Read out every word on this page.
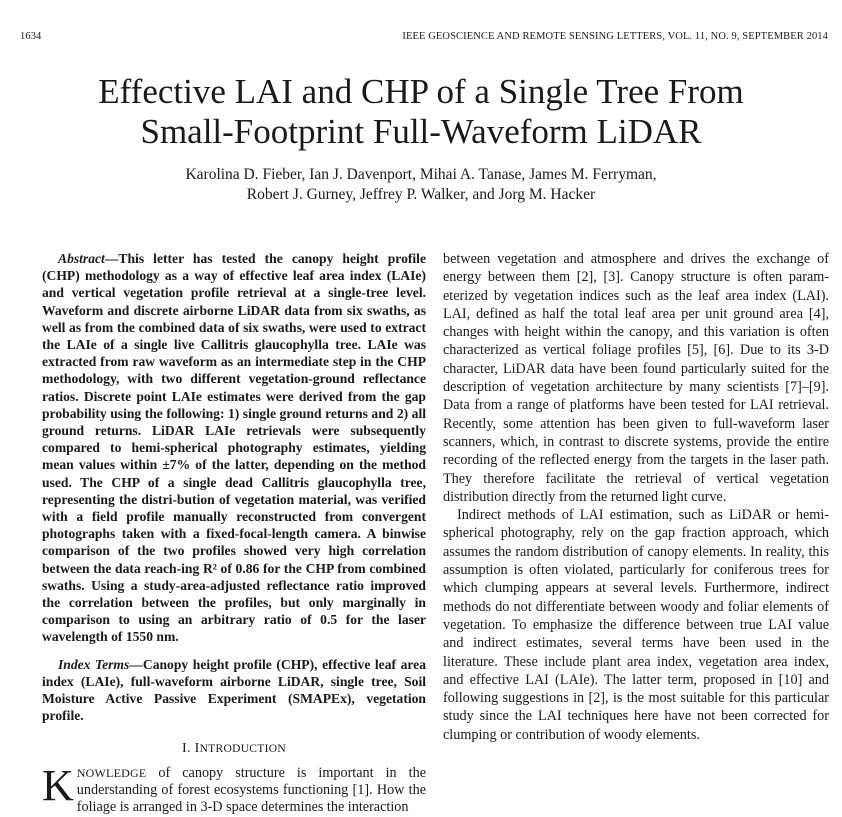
1634	IEEE GEOSCIENCE AND REMOTE SENSING LETTERS, VOL. 11, NO. 9, SEPTEMBER 2014
Effective LAI and CHP of a Single Tree From
Small-Footprint Full-Waveform LiDAR
Karolina D. Fieber, Ian J. Davenport, Mihai A. Tanase, James M. Ferryman,
Robert J. Gurney, Jeffrey P. Walker, and Jorg M. Hacker
Abstract—This letter has tested the canopy height profile (CHP) methodology as a way of effective leaf area index (LAIe) and vertical vegetation profile retrieval at a single-tree level. Waveform and discrete airborne LiDAR data from six swaths, as well as from the combined data of six swaths, were used to extract the LAIe of a single live Callitris glaucophylla tree. LAIe was extracted from raw waveform as an intermediate step in the CHP methodology, with two different vegetation-ground reflectance ratios. Discrete point LAIe estimates were derived from the gap probability using the following: 1) single ground returns and 2) all ground returns. LiDAR LAIe retrievals were subsequently compared to hemi-spherical photography estimates, yielding mean values within ±7% of the latter, depending on the method used. The CHP of a single dead Callitris glaucophylla tree, representing the distri-bution of vegetation material, was verified with a field profile manually reconstructed from convergent photographs taken with a fixed-focal-length camera. A binwise comparison of the two profiles showed very high correlation between the data reach-ing R² of 0.86 for the CHP from combined swaths. Using a study-area-adjusted reflectance ratio improved the correlation between the profiles, but only marginally in comparison to using an arbitrary ratio of 0.5 for the laser wavelength of 1550 nm.
Index Terms—Canopy height profile (CHP), effective leaf area index (LAIe), full-waveform airborne LiDAR, single tree, Soil Moisture Active Passive Experiment (SMAPEx), vegetation profile.
I. INTRODUCTION
KNOWLEDGE of canopy structure is important in the understanding of forest ecosystems functioning [1]. How the foliage is arranged in 3-D space determines the interaction

between vegetation and atmosphere and drives the exchange of energy between them [2], [3]. Canopy structure is often param-eterized by vegetation indices such as the leaf area index (LAI). LAI, defined as half the total leaf area per unit ground area [4], changes with height within the canopy, and this variation is often characterized as vertical foliage profiles [5], [6]. Due to its 3-D character, LiDAR data have been found particularly suited for the description of vegetation architecture by many scientists [7]–[9]. Data from a range of platforms have been tested for LAI retrieval. Recently, some attention has been given to full-waveform laser scanners, which, in contrast to discrete systems, provide the entire recording of the reflected energy from the targets in the laser path. They therefore facilitate the retrieval of vertical vegetation distribution directly from the returned light curve.

Indirect methods of LAI estimation, such as LiDAR or hemi-spherical photography, rely on the gap fraction approach, which assumes the random distribution of canopy elements. In reality, this assumption is often violated, particularly for coniferous trees for which clumping appears at several levels. Furthermore, indirect methods do not differentiate between woody and foliar elements of vegetation. To emphasize the difference between true LAI value and indirect estimates, several terms have been used in the literature. These include plant area index, vegetation area index, and effective LAI (LAIe). The latter term, proposed in [10] and following suggestions in [2], is the most suitable for this particular study since the LAI techniques here have not been corrected for clumping or contribution of woody elements.
